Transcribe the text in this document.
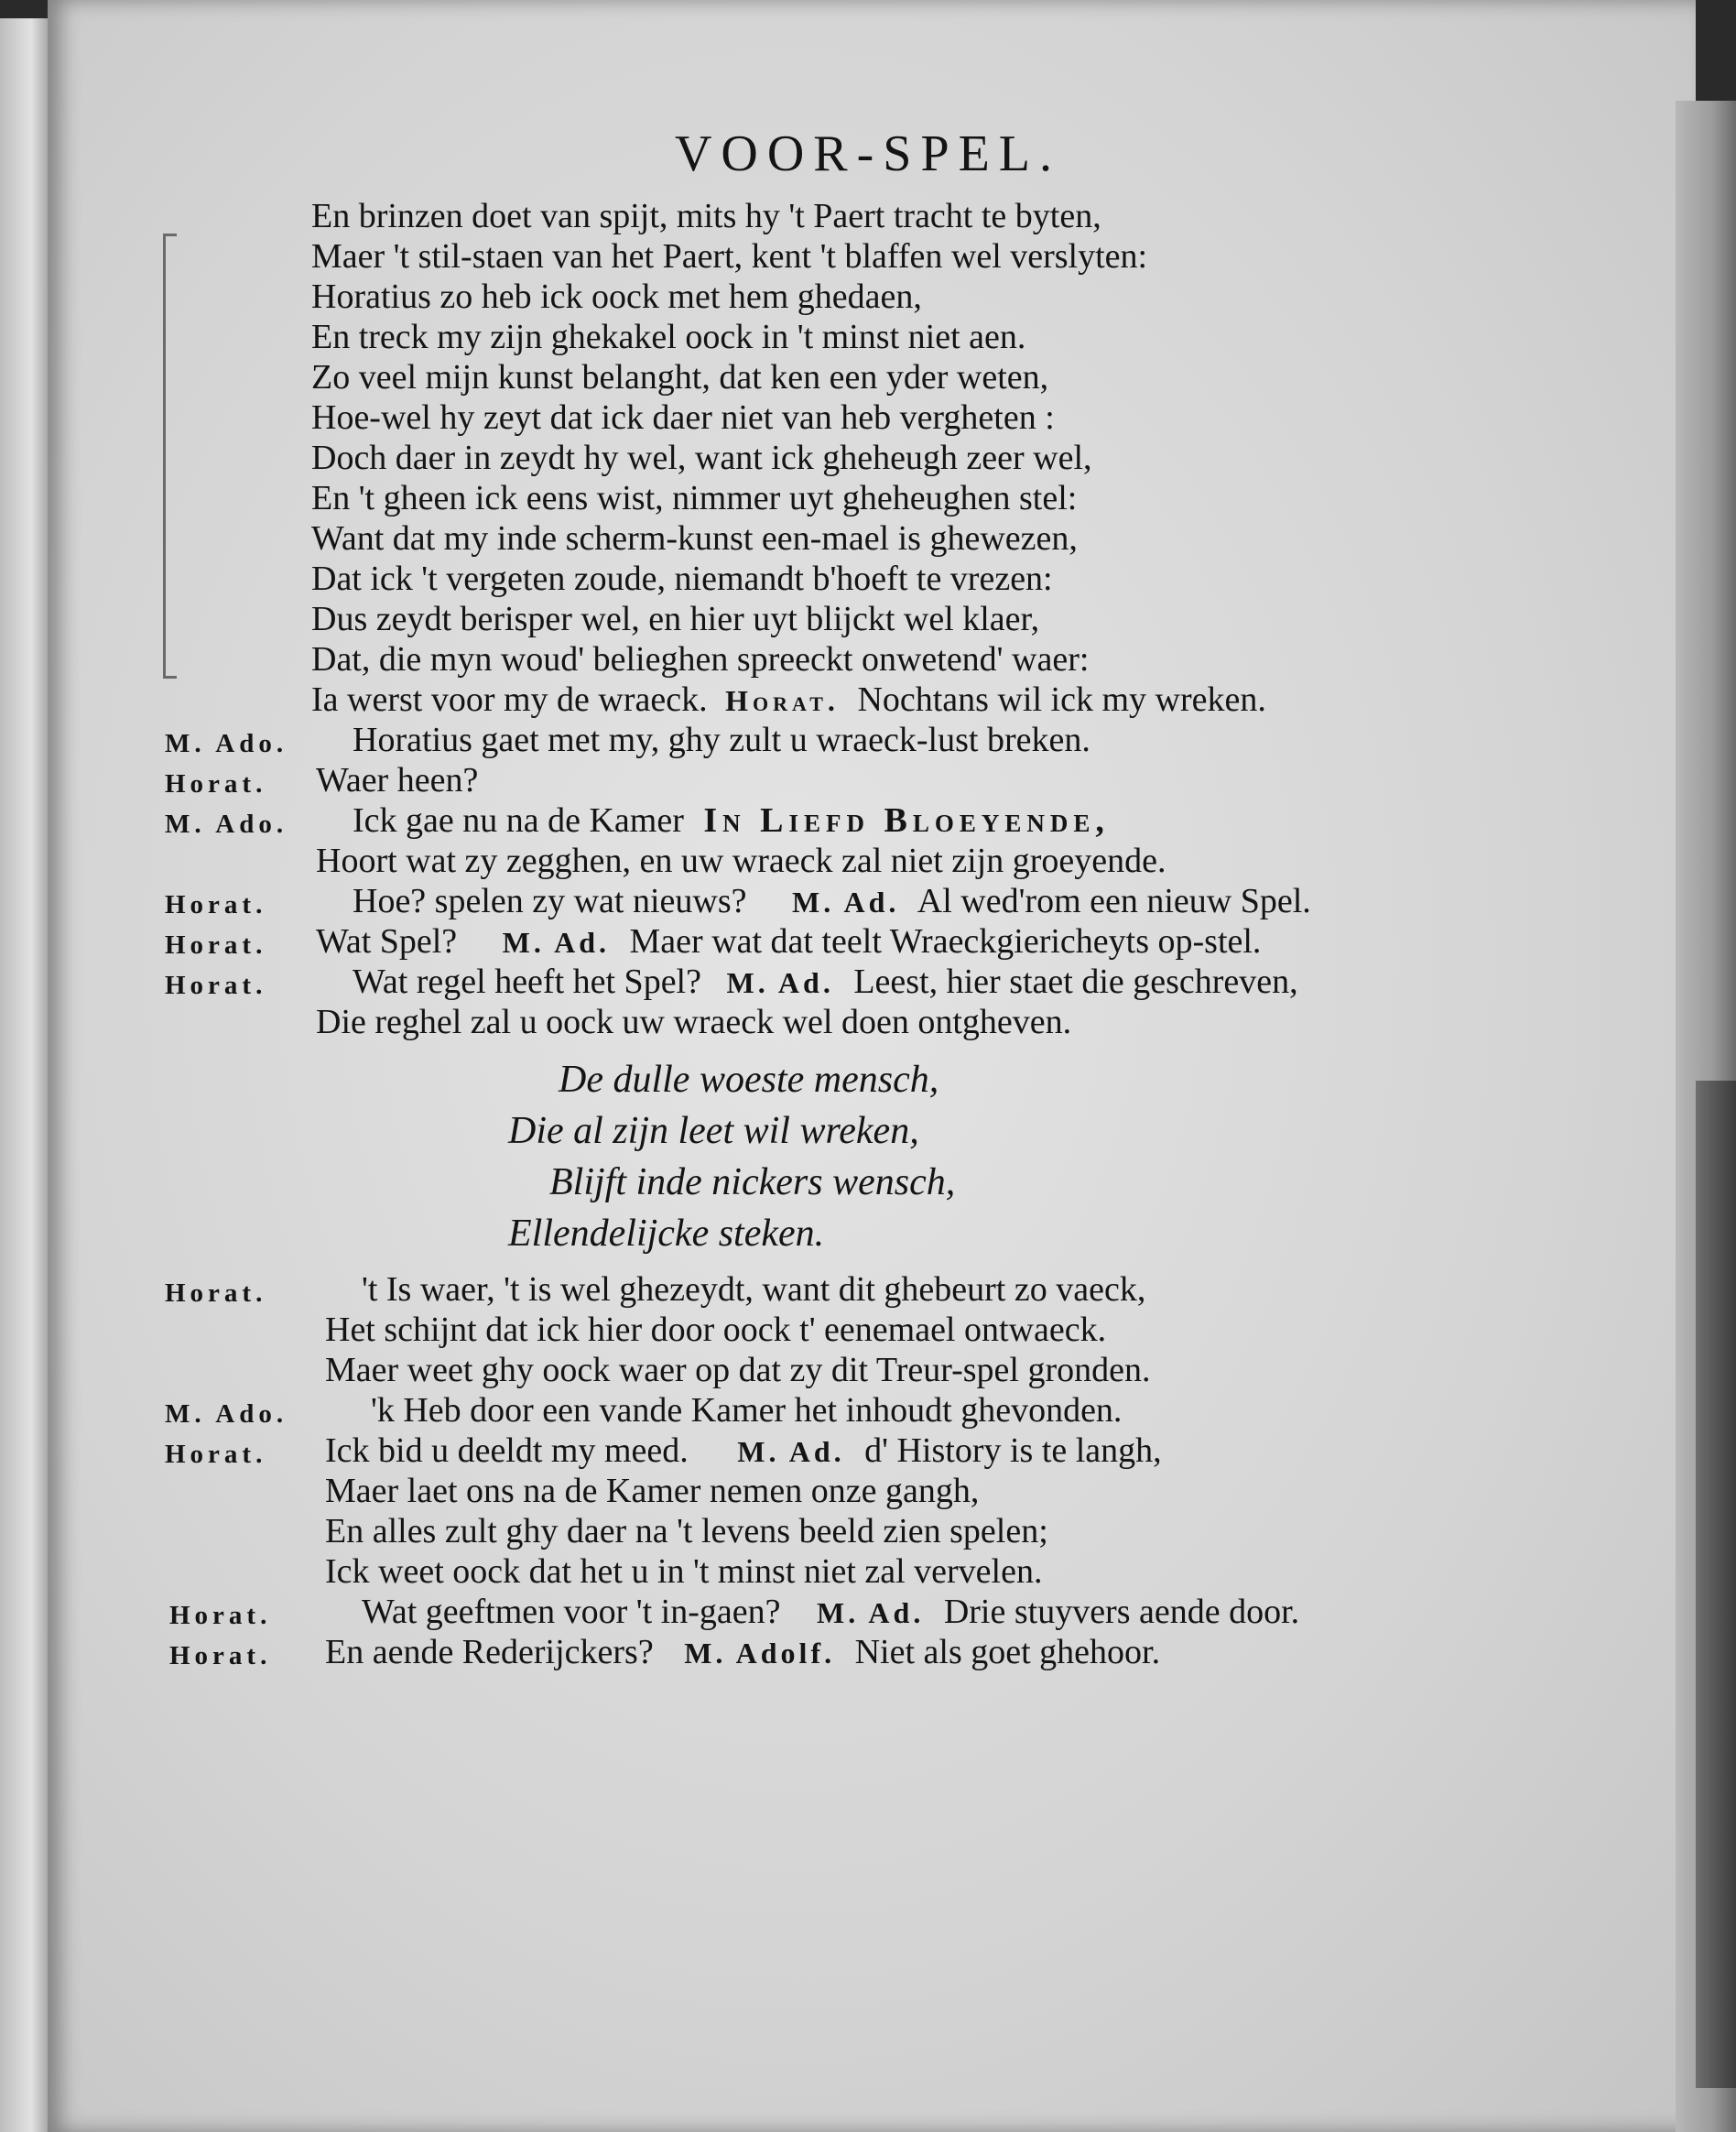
VOOR-SPEL.

En brinzen doet van spijt, mits hy 't Paert tracht te byten,

Maer 't stil-staen van het Paert, kent 't blaffen wel verslyten:

Horatius zo heb ick oock met hem ghedaen,

En treck my zijn ghekakel oock in 't minst niet aen.

Zo veel mijn kunst belanght, dat ken een yder weten,

Hoe-wel hy zeyt dat ick daer niet van heb vergheten :

Doch daer in zeydt hy wel, want ick gheheugh zeer wel,

En 't gheen ick eens wist, nimmer uyt gheheughen stel:

Want dat my inde scherm-kunst een-mael is ghewezen,

Dat ick 't vergeten zoude, niemandt b'hoeft te vrezen:

Dus zeydt berisper wel, en hier uyt blijckt wel klaer,

Dat, die myn woud' belieghen spreeckt onwetend' waer:

Ia werst voor my de wraeck. Horat. Nochtans wil ick my wreken.

M. Ado. Horatius gaet met my, ghy zult u wraeck-lust breken.

Horat. Waer heen?

M. Ado. Ick gae nu na de Kamer In Liefd Bloeyende,

Hoort wat zy zegghen, en uw wraeck zal niet zijn groeyende.

Horat. Hoe? spelen zy wat nieuws? M. Ad. Al wed'rom een nieuw Spel.

Horat. Wat Spel? M. Ad. Maer wat dat teelt Wraeckgiericheyts op-stel.

Horat. Wat regel heeft het Spel? M. Ad. Leest, hier staet die geschreven,

Die reghel zal u oock uw wraeck wel doen ontgheven.

De dulle woeste mensch,
Die al zijn leet wil wreken,
Blijft inde nickers wensch,
Ellendelijcke steken.
Horat.	't Is waer, 't is wel ghezeydt, want dit ghebeurt zo vaeck,

Het schijnt dat ick hier door oock t' eenemael ontwaeck.

Maer weet ghy oock waer op dat zy dit Treur-spel gronden.

M. Ado. 'k Heb door een vande Kamer het inhoudt ghevonden.

Horat. Ick bid u deeldt my meed. M. Ad. d' History is te langh,

Maer laet ons na de Kamer nemen onze gangh,

En alles zult ghy daer na 't levens beeld zien spelen;

Ick weet oock dat het u in 't minst niet zal vervelen.

Horat.	Wat geeftmen voor 't in-gaen? M. Ad. Drie stuyvers aende door.

Horat. En aende Rederijckers? M. Adolf. Niet als goet ghehoor.
